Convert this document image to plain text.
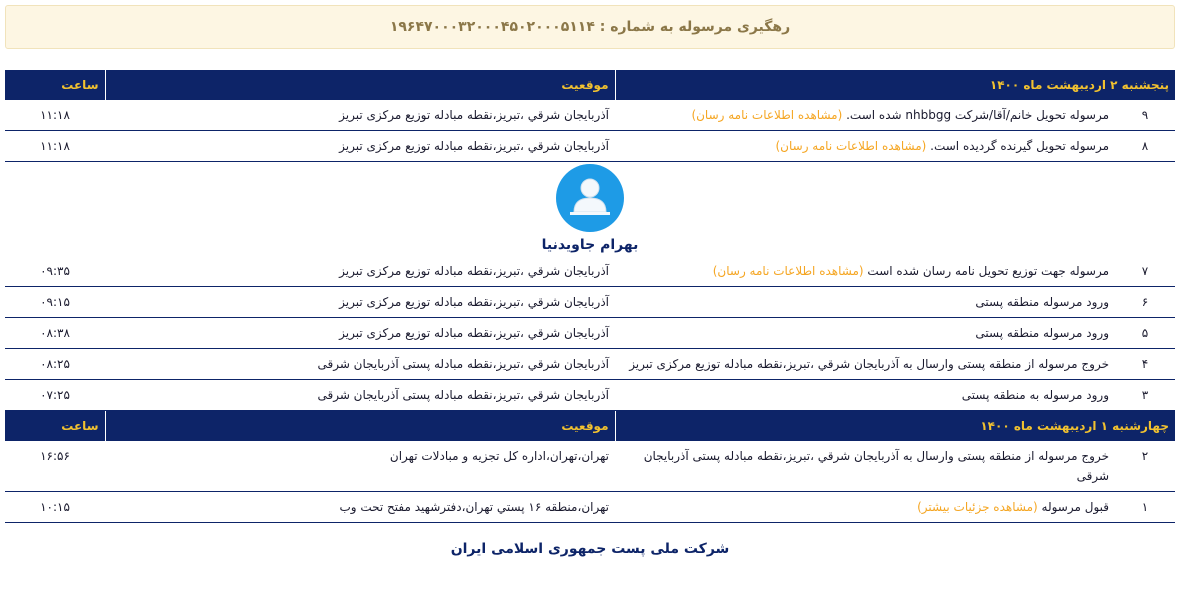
رهگیری مرسوله به شماره : ۱۹۶۴۷۰۰۰۳۲۰۰۰۴۵۰۲۰۰۰۵۱۱۴
پنجشنبه ۲ اردیبهشت ماه ۱۴۰۰		موقعیت	ساعت
۹	مرسوله تحویل خانم/آقا/شرکت nhbbgg شده است. (مشاهده اطلاعات نامه رسان)	آذربایجان شرقي ،تبریز،نقطه مبادله توزیع مرکزی تبریز	۱۱:۱۸
۸	مرسوله تحویل گیرنده گردیده است. (مشاهده اطلاعات نامه رسان)	آذربایجان شرقي ،تبریز،نقطه مبادله توزیع مرکزی تبریز	۱۱:۱۸

بهرام جاویدنیا			

۷	مرسوله جهت توزیع تحویل نامه رسان شده است (مشاهده اطلاعات نامه رسان)	آذربایجان شرقي ،تبریز،نقطه مبادله توزیع مرکزی تبریز	۰۹:۳۵
۶	ورود مرسوله منطقه پستی	آذربایجان شرقي ،تبریز،نقطه مبادله توزیع مرکزی تبریز	۰۹:۱۵
۵	ورود مرسوله منطقه پستی	آذربایجان شرقي ،تبریز،نقطه مبادله توزیع مرکزی تبریز	۰۸:۳۸
۴	خروج مرسوله از منطقه پستی وارسال به آذربایجان شرقي ،تبریز،نقطه مبادله توزیع مرکزی تبریز	آذربایجان شرقي ،تبریز،نقطه مبادله پستی آذربایجان شرقی	۰۸:۲۵
۳	ورود مرسوله به منطقه پستی	آذربایجان شرقي ،تبریز،نقطه مبادله پستی آذربایجان شرقی	۰۷:۲۵
چهارشنبه ۱ اردیبهشت ماه ۱۴۰۰		موقعیت	ساعت
۲	خروج مرسوله از منطقه پستی وارسال به آذربایجان شرقي ،تبریز،نقطه مبادله پستی آذربایجان شرقی	تهران،تهران،اداره کل تجزیه و مبادلات تهران	۱۶:۵۶
۱	قبول مرسوله (مشاهده جزئیات بیشتر)	تهران،منطقه ۱۶ پستي تهران،دفترشهید مفتح تحت وب	۱۰:۱۵
شرکت ملی پست جمهوری اسلامی ایران
